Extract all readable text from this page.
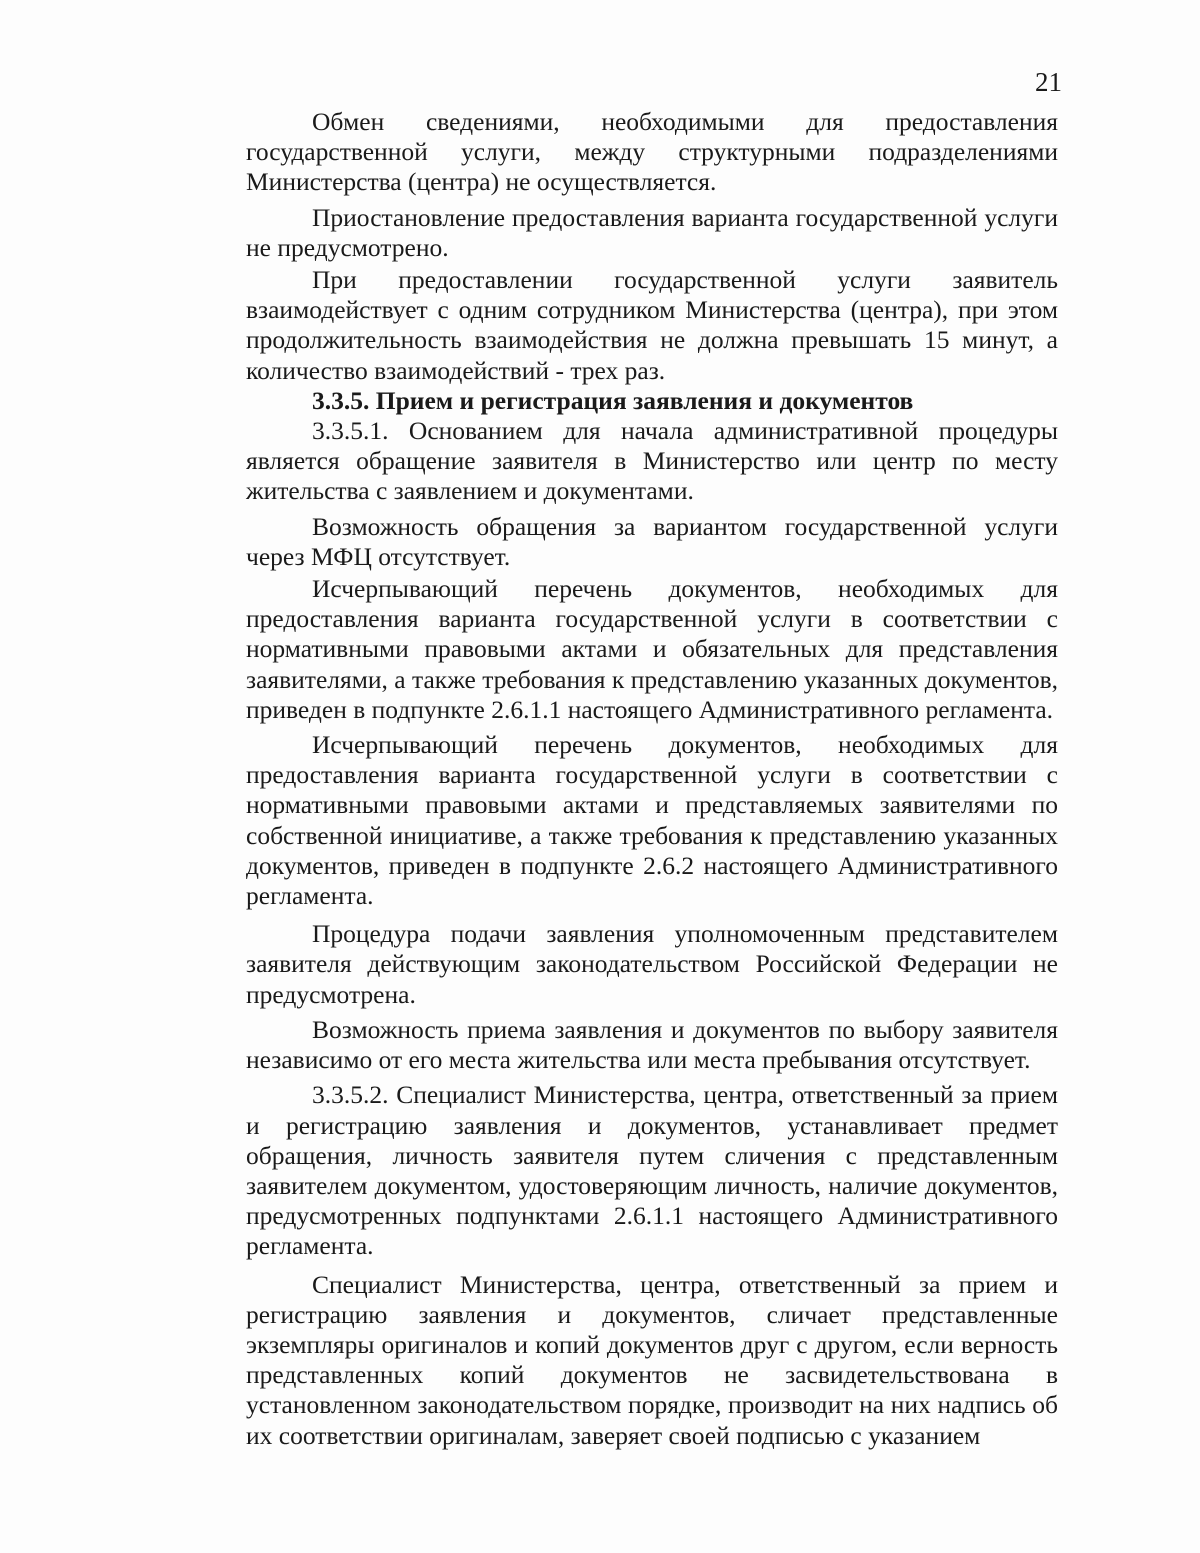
21

Обмен сведениями, необходимыми для предоставления государственной услуги, между структурными подразделениями Министерства (центра) не осуществляется.

Приостановление предоставления варианта государственной услуги не предусмотрено.

При предоставлении государственной услуги заявитель взаимодействует с одним сотрудником Министерства (центра), при этом продолжительность взаимодействия не должна превышать 15 минут, а количество взаимодействий - трех раз.

3.3.5. Прием и регистрация заявления и документов

3.3.5.1. Основанием для начала административной процедуры является обращение заявителя в Министерство или центр по месту жительства с заявлением и документами.

Возможность обращения за вариантом государственной услуги через МФЦ отсутствует.

Исчерпывающий перечень документов, необходимых для предоставления варианта государственной услуги в соответствии с нормативными правовыми актами и обязательных для представления заявителями, а также требования к представлению указанных документов, приведен в подпункте 2.6.1.1 настоящего Административного регламента.

Исчерпывающий перечень документов, необходимых для предоставления варианта государственной услуги в соответствии с нормативными правовыми актами и представляемых заявителями по собственной инициативе, а также требования к представлению указанных документов, приведен в подпункте 2.6.2 настоящего Административного регламента.

Процедура подачи заявления уполномоченным представителем заявителя действующим законодательством Российской Федерации не предусмотрена.

Возможность приема заявления и документов по выбору заявителя независимо от его места жительства или места пребывания отсутствует.

3.3.5.2. Специалист Министерства, центра, ответственный за прием и регистрацию заявления и документов, устанавливает предмет обращения, личность заявителя путем сличения с представленным заявителем документом, удостоверяющим личность, наличие документов, предусмотренных подпунктами 2.6.1.1 настоящего Административного регламента.

Специалист Министерства, центра, ответственный за прием и регистрацию заявления и документов, сличает представленные экземпляры оригиналов и копий документов друг с другом, если верность представленных копий документов не засвидетельствована в установленном законодательством порядке, производит на них надпись об их соответствии оригиналам, заверяет своей подписью с указанием
